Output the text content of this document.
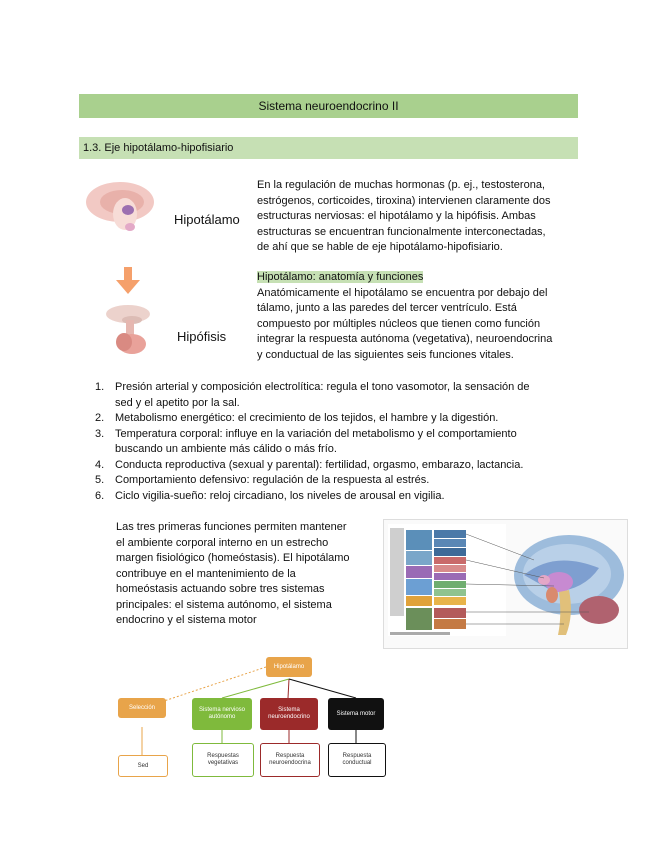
Sistema neuroendocrino II
1.3. Eje hipotálamo-hipofisiario
Hipotálamo
Hipófisis
En la regulación de muchas hormonas (p. ej., testosterona,
estrógenos, corticoides, tiroxina) intervienen claramente dos
estructuras nerviosas: el hipotálamo y la hipófisis. Ambas
estructuras se encuentran funcionalmente interconectadas,
de ahí que se hable de eje hipotálamo-hipofisiario.
Hipotálamo: anatomía y funciones
Anatómicamente el hipotálamo se encuentra por debajo del
tálamo, junto a las paredes del tercer ventrículo. Está
compuesto por múltiples núcleos que tienen como función
integrar la respuesta autónoma (vegetativa), neuroendocrina
y conductual de las siguientes seis funciones vitales.
1. Presión arterial y composición electrolítica: regula el tono vasomotor, la sensación de
sed y el apetito por la sal.
2. Metabolismo energético: el crecimiento de los tejidos, el hambre y la digestión.
3. Temperatura corporal: influye en la variación del metabolismo y el comportamiento
buscando un ambiente más cálido o más frío.
4. Conducta reproductiva (sexual y parental): fertilidad, orgasmo, embarazo, lactancia.
5. Comportamiento defensivo: regulación de la respuesta al estrés.
6. Ciclo vigilia-sueño: reloj circadiano, los niveles de arousal en vigilia.
Las tres primeras funciones permiten mantener
el ambiente corporal interno en un estrecho
margen fisiológico (homeóstasis). El hipotálamo
contribuye en el mantenimiento de la
homeóstasis actuando sobre tres sistemas
principales: el sistema autónomo, el sistema
endocrino y el sistema motor
Hipotálamo
Selección	Sistema nervioso autónomo
Sistema neuroendocrino
Sistema motor
Sed
Respuestas vegetativas
Respuesta neuroendocrina
Respuesta conductual
